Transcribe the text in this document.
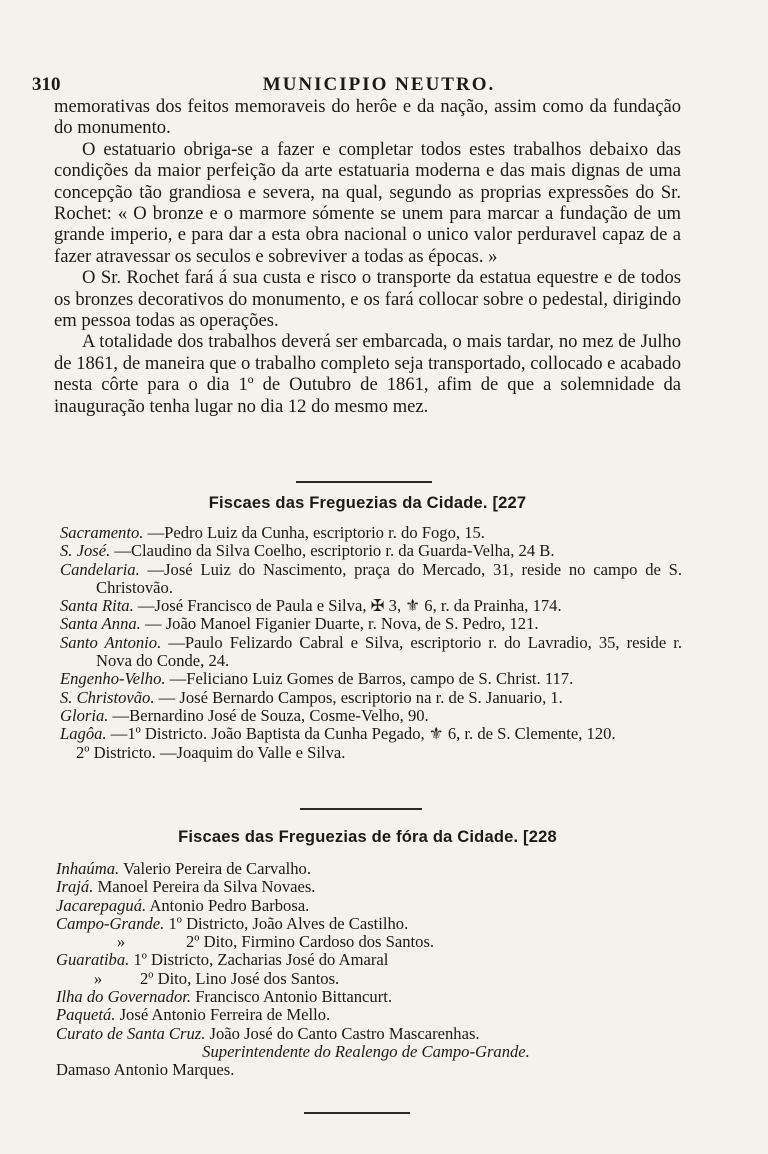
310	MUNICIPIO NEUTRO.

memorativas dos feitos memoraveis do herôe e da nação, assim como da fundação do monumento.

O estatuario obriga-se a fazer e completar todos estes trabalhos debaixo das condições da maior perfeição da arte estatuaria moderna e das mais dignas de uma concepção tão grandiosa e severa, na qual, segundo as proprias expressões do Sr. Rochet: « O bronze e o marmore sómente se unem para marcar a fundação de um grande imperio, e para dar a esta obra nacional o unico valor perduravel capaz de a fazer atravessar os seculos e sobreviver a todas as épocas. »

O Sr. Rochet fará á sua custa e risco o transporte da estatua equestre e de todos os bronzes decorativos do monumento, e os fará collocar sobre o pedestal, dirigindo em pessoa todas as operações.

A totalidade dos trabalhos deverá ser embarcada, o mais tardar, no mez de Julho de 1861, de maneira que o trabalho completo seja transportado, collocado e acabado nesta côrte para o dia 1º de Outubro de 1861, afim de que a solemnidade da inauguração tenha lugar no dia 12 do mesmo mez.

Fiscaes das Freguezias da Cidade. [227
Sacramento. —Pedro Luiz da Cunha, escriptorio r. do Fogo, 15.
S. José. —Claudino da Silva Coelho, escriptorio r. da Guarda-Velha, 24 B.
Candelaria. —José Luiz do Nascimento, praça do Mercado, 31, reside no campo de S. Christovão.
Santa Rita. —José Francisco de Paula e Silva, ✠ 3, ⚜ 6, r. da Prainha, 174.
Santa Anna. — João Manoel Figanier Duarte, r. Nova, de S. Pedro, 121.
Santo Antonio. —Paulo Felizardo Cabral e Silva, escriptorio r. do Lavradio, 35, reside r. Nova do Conde, 24.
Engenho-Velho. —Feliciano Luiz Gomes de Barros, campo de S. Christ. 117.
S. Christovão. — José Bernardo Campos, escriptorio na r. de S. Januario, 1.
Gloria. —Bernardino José de Souza, Cosme-Velho, 90.
Lagôa. —1º Districto. João Baptista da Cunha Pegado, ⚜ 6, r. de S. Clemente, 120.
2º Districto. —Joaquim do Valle e Silva.
Fiscaes das Freguezias de fóra da Cidade. [228
Inhaúma. Valerio Pereira de Carvalho.
Irajá. Manoel Pereira da Silva Novaes.
Jacarepaguá. Antonio Pedro Barbosa.
Campo-Grande. 1º Districto, João Alves de Castilho.
»	2º Dito, Firmino Cardoso dos Santos.
Guaratiba. 1º Districto, Zacharias José do Amaral
» 2º Dito, Lino José dos Santos.
Ilha do Governador. Francisco Antonio Bittancurt.
Paquetá. José Antonio Ferreira de Mello.
Curato de Santa Cruz. João José do Canto Castro Mascarenhas.
Superintendente do Realengo de Campo-Grande.
Damaso Antonio Marques.
